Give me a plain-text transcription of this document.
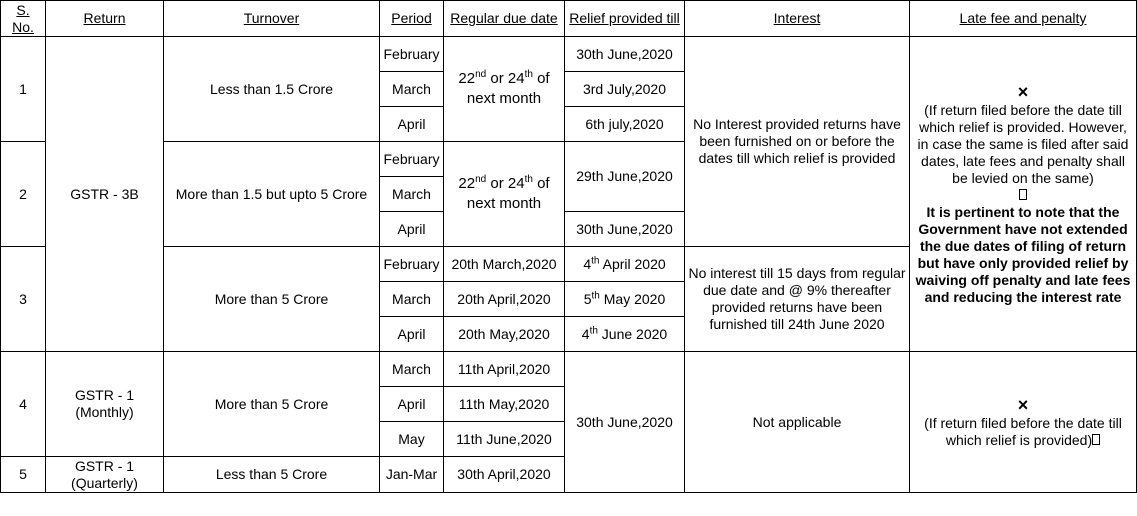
S. No.	Return	Turnover	Period	Regular due date	Relief provided till	Interest	Late fee and penalty
1	GSTR - 3B	Less than 1.5 Crore	February	22nd or 24th of next month	30th June,2020	No Interest provided returns have been furnished on or before the dates till which relief is provided	×
(If return filed before the date till which relief is provided. However, in case the same is filed after said dates, late fees and penalty shall be levied on the same)
It is pertinent to note that the Government have not extended the due dates of filing of return but have only provided relief by waiving off penalty and late fees and reducing the interest rate

			March		3rd July,2020		
			April		6th july,2020		
2		More than 1.5 but upto 5 Crore	February	22nd or 24th of next month	29th June,2020		
			March				
			April		30th June,2020		
3		More than 5 Crore	February	20th March,2020	4th April 2020	No interest till 15 days from regular due date and @ 9% thereafter provided returns have been furnished till 24th June 2020	
			March	20th April,2020	5th May 2020		
			April	20th May,2020	4th June 2020		
4	GSTR - 1 (Monthly)	More than 5 Crore	March	11th April,2020	30th June,2020	Not applicable	×
(If return filed before the date till which relief is provided)

			April	11th May,2020			
			May	11th June,2020			
5	GSTR - 1 (Quarterly)	Less than 5 Crore	Jan-Mar	30th April,2020			
